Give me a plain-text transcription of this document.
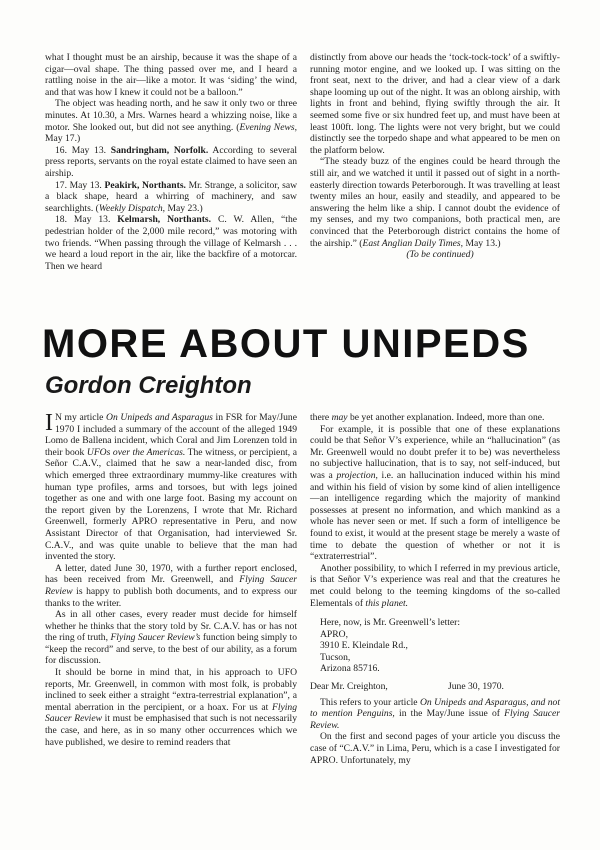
what I thought must be an airship, because it was the shape of a cigar—oval shape. The thing passed over me, and I heard a rattling noise in the air—like a motor. It was ‘siding’ the wind, and that was how I knew it could not be a balloon.”

The object was heading north, and he saw it only two or three minutes. At 10.30, a Mrs. Warnes heard a whizzing noise, like a motor. She looked out, but did not see anything. (Evening News, May 17.)

16. May 13. Sandringham, Norfolk. According to several press reports, servants on the royal estate claimed to have seen an airship.

17. May 13. Peakirk, Northants. Mr. Strange, a solicitor, saw a black shape, heard a whirring of machinery, and saw searchlights. (Weekly Dispatch, May 23.)

18. May 13. Kelmarsh, Northants. C. W. Allen, “the pedestrian holder of the 2,000 mile record,” was motoring with two friends. “When passing through the village of Kelmarsh . . . we heard a loud report in the air, like the backfire of a motorcar. Then we heard

distinctly from above our heads the ‘tock-tock-tock’ of a swiftly-running motor engine, and we looked up. I was sitting on the front seat, next to the driver, and had a clear view of a dark shape looming up out of the night. It was an oblong airship, with lights in front and behind, flying swiftly through the air. It seemed some five or six hundred feet up, and must have been at least 100ft. long. The lights were not very bright, but we could distinctly see the torpedo shape and what appeared to be men on the platform below.

“The steady buzz of the engines could be heard through the still air, and we watched it until it passed out of sight in a north-easterly direction towards Peterborough. It was travelling at least twenty miles an hour, easily and steadily, and appeared to be answering the helm like a ship. I cannot doubt the evidence of my senses, and my two companions, both practical men, are convinced that the Peterborough district contains the home of the airship.” (East Anglian Daily Times, May 13.)

(To be continued)

MORE ABOUT UNIPEDS
Gordon Creighton

I N my article On Unipeds and Asparagus in FSR for May/June 1970 I included a summary of the account of the alleged 1949 Lomo de Ballena incident, which Coral and Jim Lorenzen told in their book UFOs over the Americas. The witness, or percipient, a Señor C.A.V., claimed that he saw a near-landed disc, from which emerged three extraordinary mummy-like creatures with human type profiles, arms and torsoes, but with legs joined together as one and with one large foot. Basing my account on the report given by the Lorenzens, I wrote that Mr. Richard Greenwell, formerly APRO representative in Peru, and now Assistant Director of that Organisation, had interviewed Sr. C.A.V., and was quite unable to believe that the man had invented the story.

A letter, dated June 30, 1970, with a further report enclosed, has been received from Mr. Greenwell, and Flying Saucer Review is happy to publish both documents, and to express our thanks to the writer.

As in all other cases, every reader must decide for himself whether he thinks that the story told by Sr. C.A.V. has or has not the ring of truth, Flying Saucer Review’s function being simply to “keep the record” and serve, to the best of our ability, as a forum for discussion.

It should be borne in mind that, in his approach to UFO reports, Mr. Greenwell, in common with most folk, is probably inclined to seek either a straight “extra-terrestrial explanation”, a mental aberration in the percipient, or a hoax. For us at Flying Saucer Review it must be emphasised that such is not necessarily the case, and here, as in so many other occurrences which we have published, we desire to remind readers that

there may be yet another explanation. Indeed, more than one.

For example, it is possible that one of these explanations could be that Señor V’s experience, while an “hallucination” (as Mr. Greenwell would no doubt prefer it to be) was nevertheless no subjective hallucination, that is to say, not self-induced, but was a projection, i.e. an hallucination induced within his mind and within his field of vision by some kind of alien intelligence—an intelligence regarding which the majority of mankind possesses at present no information, and which mankind as a whole has never seen or met. If such a form of intelligence be found to exist, it would at the present stage be merely a waste of time to debate the question of whether or not it is “extraterrestrial”.

Another possibility, to which I referred in my previous article, is that Señor V’s experience was real and that the creatures he met could belong to the teeming kingdoms of the so-called Elementals of this planet.

Here, now, is Mr. Greenwell’s letter:

APRO,
3910 E. Kleindale Rd.,
Tucson,
Arizona 85716.

Dear Mr. Creighton,	June 30, 1970.

This refers to your article On Unipeds and Asparagus, and not to mention Penguins, in the May/June issue of Flying Saucer Review.

On the first and second pages of your article you discuss the case of “C.A.V.” in Lima, Peru, which is a case I investigated for APRO. Unfortunately, my
